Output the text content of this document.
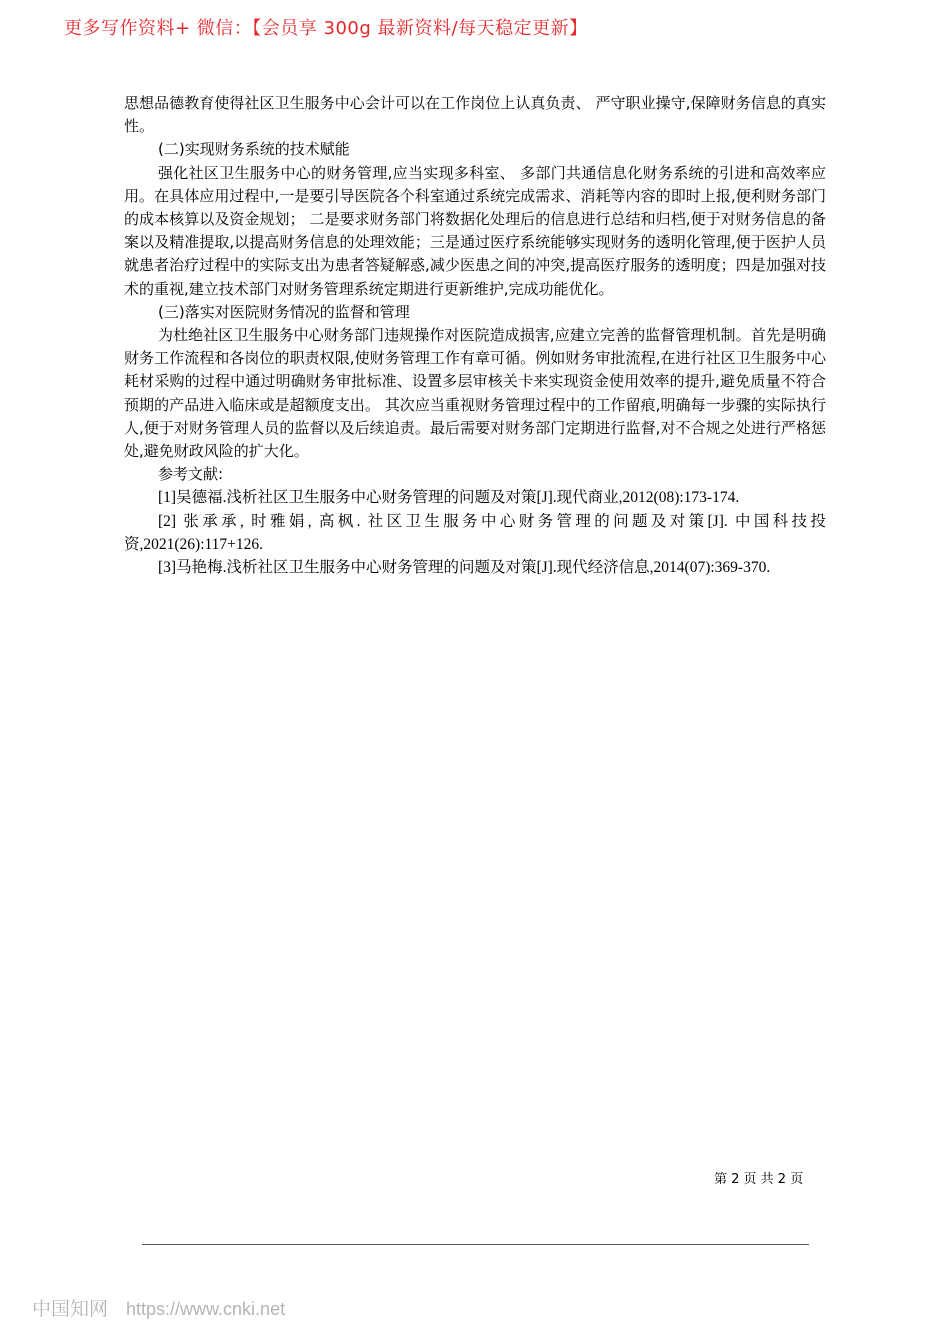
更多写作资料+ 微信：【会员享 300g 最新资料/每天稳定更新】

思想品德教育使得社区卫生服务中心会计可以在工作岗位上认真负责、 严守职业操守,保障财务信息的真实性。

(二)实现财务系统的技术赋能

强化社区卫生服务中心的财务管理,应当实现多科室、 多部门共通信息化财务系统的引进和高效率应用。在具体应用过程中,一是要引导医院各个科室通过系统完成需求、消耗等内容的即时上报,便利财务部门的成本核算以及资金规划； 二是要求财务部门将数据化处理后的信息进行总结和归档,便于对财务信息的备案以及精准提取,以提高财务信息的处理效能；三是通过医疗系统能够实现财务的透明化管理,便于医护人员就患者治疗过程中的实际支出为患者答疑解惑,减少医患之间的冲突,提高医疗服务的透明度；四是加强对技术的重视,建立技术部门对财务管理系统定期进行更新维护,完成功能优化。

(三)落实对医院财务情况的监督和管理

为杜绝社区卫生服务中心财务部门违规操作对医院造成损害,应建立完善的监督管理机制。首先是明确财务工作流程和各岗位的职责权限,使财务管理工作有章可循。例如财务审批流程,在进行社区卫生服务中心耗材采购的过程中通过明确财务审批标准、设置多层审核关卡来实现资金使用效率的提升,避免质量不符合预期的产品进入临床或是超额度支出。 其次应当重视财务管理过程中的工作留痕,明确每一步骤的实际执行人,便于对财务管理人员的监督以及后续追责。最后需要对财务部门定期进行监督,对不合规之处进行严格惩处,避免财政风险的扩大化。

参考文献:

[1]吴德福.浅析社区卫生服务中心财务管理的问题及对策[J].现代商业,2012(08):173-174.

[2] 张承承, 时雅娟, 高枫. 社区卫生服务中心财务管理的问题及对策[J]. 中国科技投资,2021(26):117+126.

[3]马艳梅.浅析社区卫生服务中心财务管理的问题及对策[J].现代经济信息,2014(07):369-370.

第 2 页 共 2 页
中国知网 https://www.cnki.net
